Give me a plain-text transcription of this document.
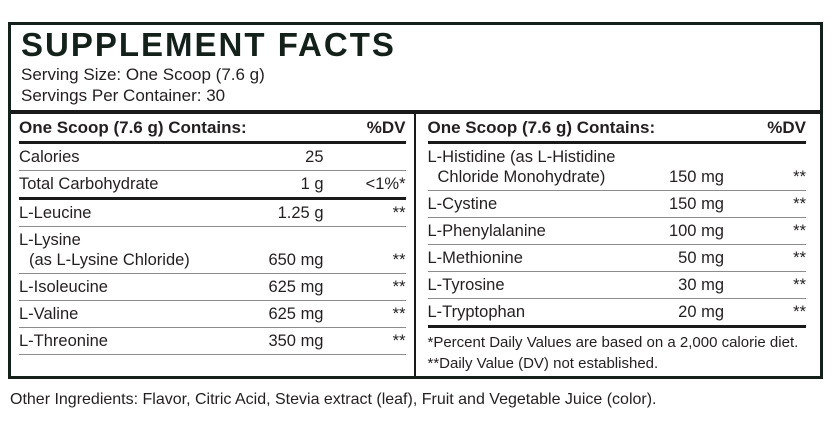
SUPPLEMENT FACTS
Serving Size: One Scoop (7.6 g)
Servings Per Container: 30
One Scoop (7.6 g) Contains:	%DV
Calories	25
Total Carbohydrate	1 g	<1%*
L-Leucine	1.25 g	**
L-Lysine
(as L-Lysine Chloride)	650 mg	**
L-Isoleucine	625 mg	**
L-Valine	625 mg	**
L-Threonine	350 mg	**
One Scoop (7.6 g) Contains:	%DV
L-Histidine (as L-Histidine
Chloride Monohydrate)	150 mg	**
L-Cystine	150 mg	**
L-Phenylalanine	100 mg	**
L-Methionine	50 mg	**
L-Tyrosine	30 mg	**
L-Tryptophan	20 mg	**
*Percent Daily Values are based on a 2,000 calorie diet.
**Daily Value (DV) not established.
Other Ingredients: Flavor, Citric Acid, Stevia extract (leaf), Fruit and Vegetable Juice (color).
